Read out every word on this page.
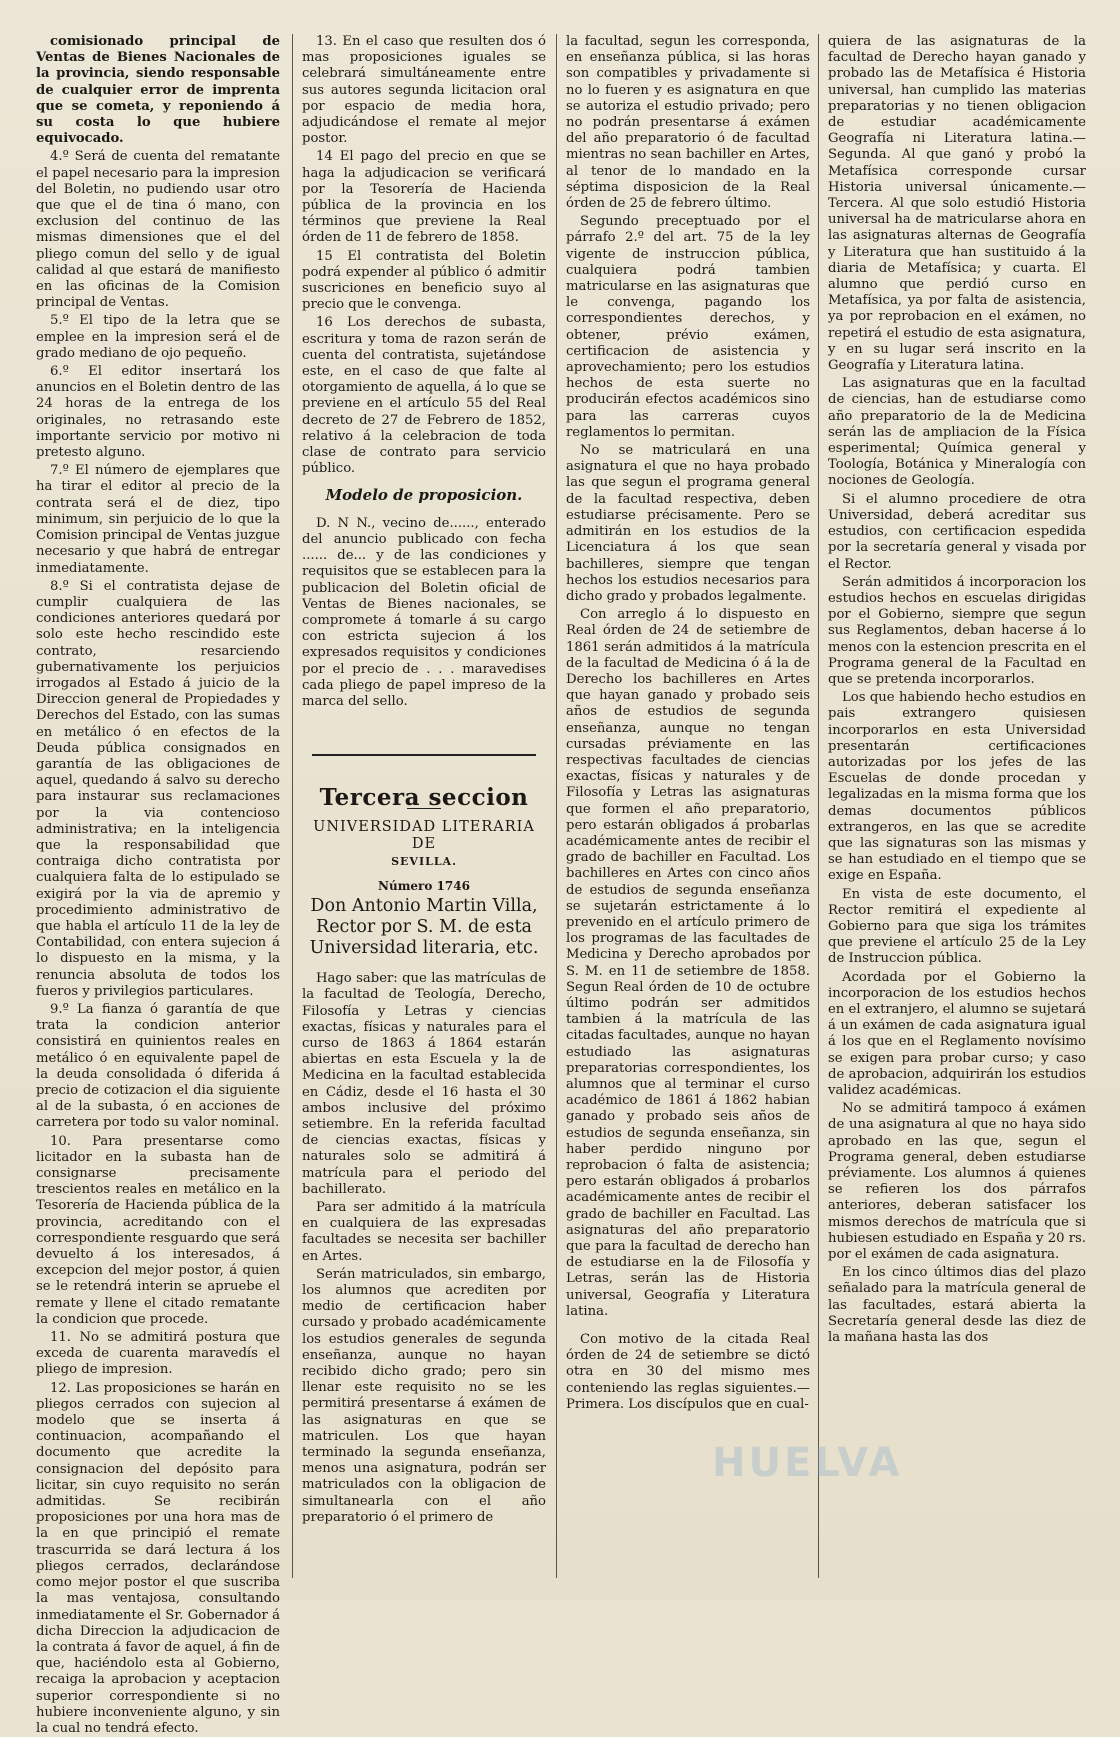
comisionado principal de Ventas de Bienes Nacionales de la provincia, siendo responsable de cualquier error de imprenta que se cometa, y reponiendo á su costa lo que hubiere equivocado.

4.º Será de cuenta del rematante el papel necesario para la impresion del Boletin, no pudiendo usar otro que que el de tina ó mano, con exclusion del continuo de las mismas dimensiones que el del pliego comun del sello y de igual calidad al que estará de manifiesto en las oficinas de la Comision principal de Ventas.

5.º El tipo de la letra que se emplee en la impresion será el de grado mediano de ojo pequeño.

6.º El editor insertará los anuncios en el Boletin dentro de las 24 horas de la entrega de los originales, no retrasando este importante servicio por motivo ni pretesto alguno.

7.º El número de ejemplares que ha tirar el editor al precio de la contrata será el de diez, tipo minimum, sin perjuicio de lo que la Comision principal de Ventas juzgue necesario y que habrá de entregar inmediatamente.

8.º Si el contratista dejase de cumplir cualquiera de las condiciones anteriores quedará por solo este hecho rescindido este contrato, resarciendo gubernativamente los perjuicios irrogados al Estado á juicio de la Direccion general de Propiedades y Derechos del Estado, con las sumas en metálico ó en efectos de la Deuda pública consignados en garantía de las obligaciones de aquel, quedando á salvo su derecho para instaurar sus reclamaciones por la via contencioso administrativa; en la inteligencia que la responsabilidad que contraiga dicho contratista por cualquiera falta de lo estipulado se exigirá por la via de apremio y procedimiento administrativo de que habla el artículo 11 de la ley de Contabilidad, con entera sujecion á lo dispuesto en la misma, y la renuncia absoluta de todos los fueros y privilegios particulares.

9.º La fianza ó garantía de que trata la condicion anterior consistirá en quinientos reales en metálico ó en equivalente papel de la deuda consolidada ó diferida á precio de cotizacion el dia siguiente al de la subasta, ó en acciones de carretera por todo su valor nominal.

10. Para presentarse como licitador en la subasta han de consignarse precisamente trescientos reales en metálico en la Tesorería de Hacienda pública de la provincia, acreditando con el correspondiente resguardo que será devuelto á los interesados, á excepcion del mejor postor, á quien se le retendrá interin se apruebe el remate y llene el citado rematante la condicion que procede.

11. No se admitirá postura que exceda de cuarenta maravedís el pliego de impresion.

12. Las proposiciones se harán en pliegos cerrados con sujecion al modelo que se inserta á continuacion, acompañando el documento que acredite la consignacion del depósito para licitar, sin cuyo requisito no serán admitidas. Se recibirán proposiciones por una hora mas de la en que principió el remate trascurrida se dará lectura á los pliegos cerrados, declarándose como mejor postor el que suscriba la mas ventajosa, consultando inmediatamente el Sr. Gobernador á dicha Direccion la adjudicacion de la contrata á favor de aquel, á fin de que, haciéndolo esta al Gobierno, recaiga la aprobacion y aceptacion superior correspondiente si no hubiere inconveniente alguno, y sin la cual no tendrá efecto.

13. En el caso que resulten dos ó mas proposiciones iguales se celebrará simultáneamente entre sus autores segunda licitacion oral por espacio de media hora, adjudicándose el remate al mejor postor.

14 El pago del precio en que se haga la adjudicacion se verificará por la Tesorería de Hacienda pública de la provincia en los términos que previene la Real órden de 11 de febrero de 1858.

15 El contratista del Boletin podrá expender al público ó admitir suscriciones en beneficio suyo al precio que le convenga.

16 Los derechos de subasta, escritura y toma de razon serán de cuenta del contratista, sujetándose este, en el caso de que falte al otorgamiento de aquella, á lo que se previene en el artículo 55 del Real decreto de 27 de Febrero de 1852, relativo á la celebracion de toda clase de contrato para servicio público.

Modelo de proposicion.

D. N N., vecino de......, enterado del anuncio publicado con fecha ...... de... y de las condiciones y requisitos que se establecen para la publicacion del Boletin oficial de Ventas de Bienes nacionales, se compromete á tomarle á su cargo con estricta sujecion á los expresados requisitos y condiciones por el precio de . . . maravedises cada pliego de papel impreso de la marca del sello.

Tercera seccion
UNIVERSIDAD LITERARIA DE
SEVILLA.
Número 1746
Don Antonio Martin Villa, Rector por S. M. de esta Universidad literaria, etc.

Hago saber: que las matrículas de la facultad de Teología, Derecho, Filosofía y Letras y ciencias exactas, físicas y naturales para el curso de 1863 á 1864 estarán abiertas en esta Escuela y la de Medicina en la facultad establecida en Cádiz, desde el 16 hasta el 30 ambos inclusive del próximo setiembre. En la referida facultad de ciencias exactas, físicas y naturales solo se admitirá á matrícula para el periodo del bachillerato.

Para ser admitido á la matrícula en cualquiera de las expresadas facultades se necesita ser bachiller en Artes.

Serán matriculados, sin embargo, los alumnos que acrediten por medio de certificacion haber cursado y probado académicamente los estudios generales de segunda enseñanza, aunque no hayan recibido dicho grado; pero sin llenar este requisito no se les permitirá presentarse á exámen de las asignaturas en que se matriculen. Los que hayan terminado la segunda enseñanza, menos una asignatura, podrán ser matriculados con la obligacion de simultanearla con el año preparatorio ó el primero de

la facultad, segun les corresponda, en enseñanza pública, si las horas son compatibles y privadamente si no lo fueren y es asignatura en que se autoriza el estudio privado; pero no podrán presentarse á exámen del año preparatorio ó de facultad mientras no sean bachiller en Artes, al tenor de lo mandado en la séptima disposicion de la Real órden de 25 de febrero último.

Segundo preceptuado por el párrafo 2.º del art. 75 de la ley vigente de instruccion pública, cualquiera podrá tambien matricularse en las asignaturas que le convenga, pagando los correspondientes derechos, y obtener, prévio exámen, certificacion de asistencia y aprovechamiento; pero los estudios hechos de esta suerte no producirán efectos académicos sino para las carreras cuyos reglamentos lo permitan.

No se matriculará en una asignatura el que no haya probado las que segun el programa general de la facultad respectiva, deben estudiarse précisamente. Pero se admitirán en los estudios de la Licenciatura á los que sean bachilleres, siempre que tengan hechos los estudios necesarios para dicho grado y probados legalmente.

Con arreglo á lo dispuesto en Real órden de 24 de setiembre de 1861 serán admitidos á la matrícula de la facultad de Medicina ó á la de Derecho los bachilleres en Artes que hayan ganado y probado seis años de estudios de segunda enseñanza, aunque no tengan cursadas préviamente en las respectivas facultades de ciencias exactas, físicas y naturales y de Filosofía y Letras las asignaturas que formen el año preparatorio, pero estarán obligados á probarlas académicamente antes de recibir el grado de bachiller en Facultad. Los bachilleres en Artes con cinco años de estudios de segunda enseñanza se sujetarán estrictamente á lo prevenido en el artículo primero de los programas de las facultades de Medicina y Derecho aprobados por S. M. en 11 de setiembre de 1858. Segun Real órden de 10 de octubre último podrán ser admitidos tambien á la matrícula de las citadas facultades, aunque no hayan estudiado las asignaturas preparatorias correspondientes, los alumnos que al terminar el curso académico de 1861 á 1862 habian ganado y probado seis años de estudios de segunda enseñanza, sin haber perdido ninguno por reprobacion ó falta de asistencia; pero estarán obligados á probarlos académicamente antes de recibir el grado de bachiller en Facultad. Las asignaturas del año preparatorio que para la facultad de derecho han de estudiarse en la de Filosofía y Letras, serán las de Historia universal, Geografía y Literatura latina.

Con motivo de la citada Real órden de 24 de setiembre se dictó otra en 30 del mismo mes conteniendo las reglas siguientes.—Primera. Los discípulos que en cual-

quiera de las asignaturas de la facultad de Derecho hayan ganado y probado las de Metafísica é Historia universal, han cumplido las materias preparatorias y no tienen obligacion de estudiar académicamente Geografía ni Literatura latina.—Segunda. Al que ganó y probó la Metafísica corresponde cursar Historia universal únicamente.—Tercera. Al que solo estudió Historia universal ha de matricularse ahora en las asignaturas alternas de Geografía y Literatura que han sustituido á la diaria de Metafísica; y cuarta. El alumno que perdió curso en Metafísica, ya por falta de asistencia, ya por reprobacion en el exámen, no repetirá el estudio de esta asignatura, y en su lugar será inscrito en la Geografía y Literatura latina.

Las asignaturas que en la facultad de ciencias, han de estudiarse como año preparatorio de la de Medicina serán las de ampliacion de la Física esperimental; Química general y Toología, Botánica y Mineralogía con nociones de Geología.

Si el alumno procediere de otra Universidad, deberá acreditar sus estudios, con certificacion espedida por la secretaría general y visada por el Rector.

Serán admitidos á incorporacion los estudios hechos en escuelas dirigidas por el Gobierno, siempre que segun sus Reglamentos, deban hacerse á lo menos con la estencion prescrita en el Programa general de la Facultad en que se pretenda incorporarlos.

Los que habiendo hecho estudios en pais extrangero quisiesen incorporarlos en esta Universidad presentarán certificaciones autorizadas por los jefes de las Escuelas de donde procedan y legalizadas en la misma forma que los demas documentos públicos extrangeros, en las que se acredite que las signaturas son las mismas y se han estudiado en el tiempo que se exige en España.

En vista de este documento, el Rector remitirá el expediente al Gobierno para que siga los trámites que previene el artículo 25 de la Ley de Instruccion pública.

Acordada por el Gobierno la incorporacion de los estudios hechos en el extranjero, el alumno se sujetará á un exámen de cada asignatura igual á los que en el Reglamento novísimo se exigen para probar curso; y caso de aprobacion, adquirirán los estudios validez académicas.

No se admitirá tampoco á exámen de una asignatura al que no haya sido aprobado en las que, segun el Programa general, deben estudiarse préviamente. Los alumnos á quienes se refieren los dos párrafos anteriores, deberan satisfacer los mismos derechos de matrícula que si hubiesen estudiado en España y 20 rs. por el exámen de cada asignatura.

En los cinco últimos dias del plazo señalado para la matrícula general de las facultades, estará abierta la Secretaría general desde las diez de la mañana hasta las dos

HUELVA
